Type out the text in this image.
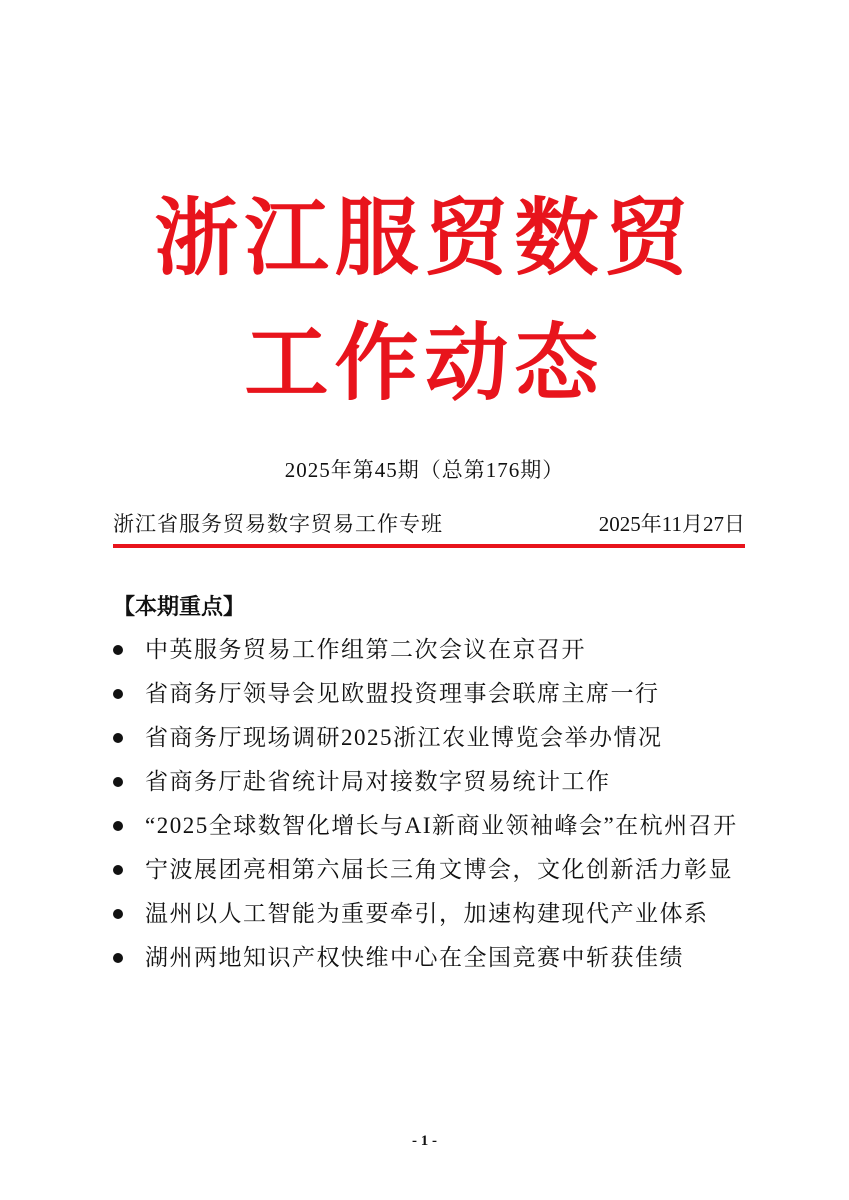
浙江服贸数贸
工作动态
2025年第45期（总第176期）
浙江省服务贸易数字贸易工作专班	2025年11月27日
【本期重点】
中英服务贸易工作组第二次会议在京召开
省商务厅领导会见欧盟投资理事会联席主席一行
省商务厅现场调研2025浙江农业博览会举办情况
省商务厅赴省统计局对接数字贸易统计工作
“2025全球数智化增长与AI新商业领袖峰会”在杭州召开
宁波展团亮相第六届长三角文博会，文化创新活力彰显
温州以人工智能为重要牵引，加速构建现代产业体系
湖州两地知识产权快维中心在全国竞赛中斩获佳绩
- 1 -
